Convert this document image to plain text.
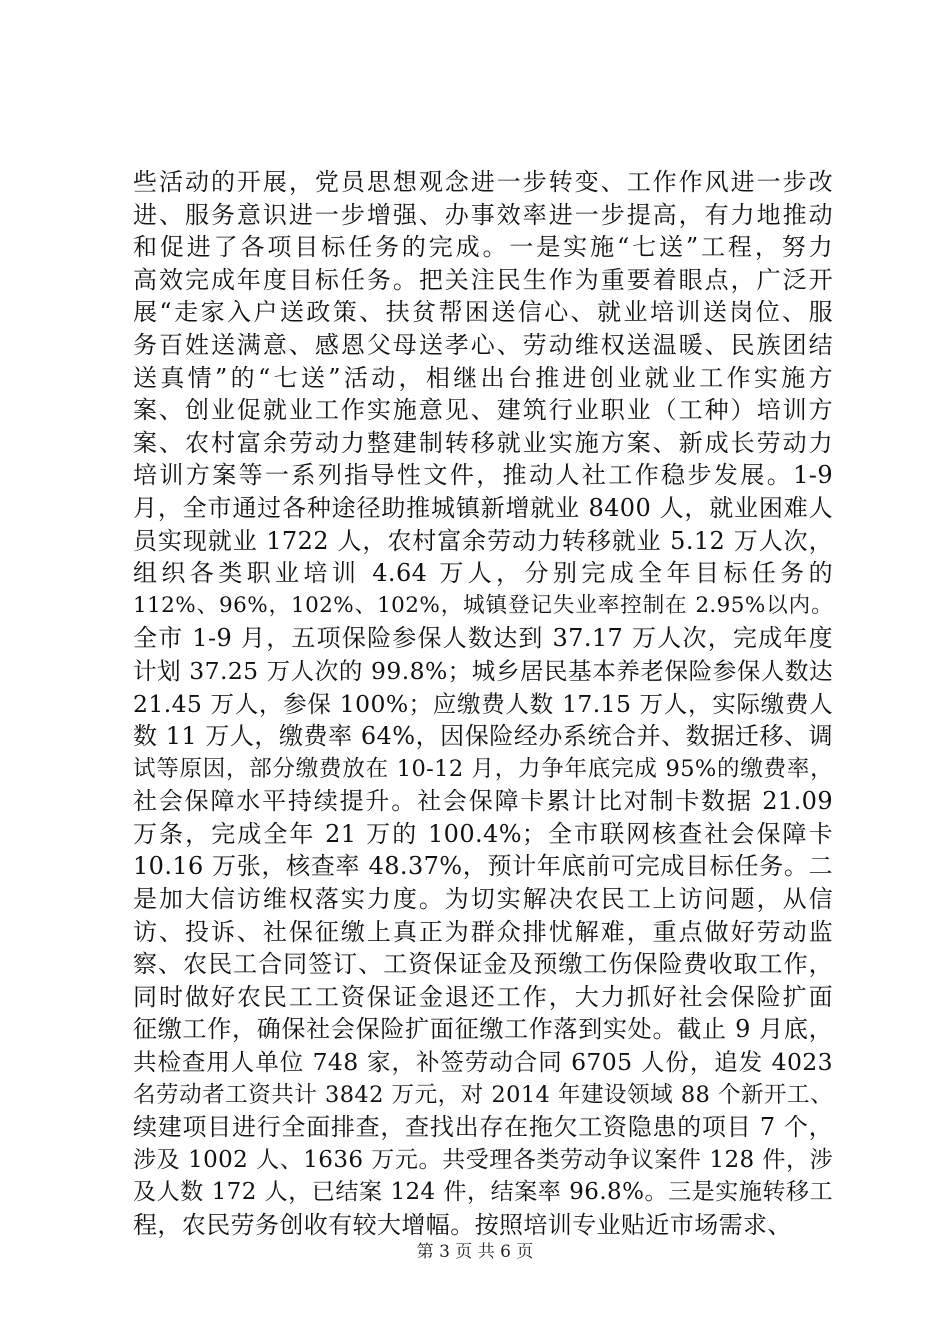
些活动的开展，党员思想观念进一步转变、工作作风进一步改
进、服务意识进一步增强、办事效率进一步提高，有力地推动
和促进了各项目标任务的完成。一是实施“七送”工程，努力
高效完成年度目标任务。把关注民生作为重要着眼点，广泛开
展“走家入户送政策、扶贫帮困送信心、就业培训送岗位、服
务百姓送满意、感恩父母送孝心、劳动维权送温暖、民族团结
送真情”的“七送”活动，相继出台推进创业就业工作实施方
案、创业促就业工作实施意见、建筑行业职业（工种）培训方
案、农村富余劳动力整建制转移就业实施方案、新成长劳动力
培训方案等一系列指导性文件，推动人社工作稳步发展。1-9
月，全市通过各种途径助推城镇新增就业 8400 人，就业困难人
员实现就业 1722 人，农村富余劳动力转移就业 5.12 万人次，
组织各类职业培训 4.64 万人，分别完成全年目标任务的
112%、96%，102%、102%，城镇登记失业率控制在 2.95%以内。
全市 1-9 月，五项保险参保人数达到 37.17 万人次，完成年度
计划 37.25 万人次的 99.8%；城乡居民基本养老保险参保人数达
21.45 万人，参保 100%；应缴费人数 17.15 万人，实际缴费人
数 11 万人，缴费率 64%，因保险经办系统合并、数据迁移、调
试等原因，部分缴费放在 10-12 月，力争年底完成 95%的缴费率，
社会保障水平持续提升。社会保障卡累计比对制卡数据 21.09
万条，完成全年 21 万的 100.4%；全市联网核查社会保障卡
10.16 万张，核查率 48.37%，预计年底前可完成目标任务。二
是加大信访维权落实力度。为切实解决农民工上访问题，从信
访、投诉、社保征缴上真正为群众排忧解难，重点做好劳动监
察、农民工合同签订、工资保证金及预缴工伤保险费收取工作，
同时做好农民工工资保证金退还工作，大力抓好社会保险扩面
征缴工作，确保社会保险扩面征缴工作落到实处。截止 9 月底，
共检查用人单位 748 家，补签劳动合同 6705 人份，追发 4023
名劳动者工资共计 3842 万元，对 2014 年建设领域 88 个新开工、
续建项目进行全面排查，查找出存在拖欠工资隐患的项目 7 个，
涉及 1002 人、1636 万元。共受理各类劳动争议案件 128 件，涉
及人数 172 人，已结案 124 件，结案率 96.8%。三是实施转移工
程，农民劳务创收有较大增幅。按照培训专业贴近市场需求、
第 3 页 共 6 页
